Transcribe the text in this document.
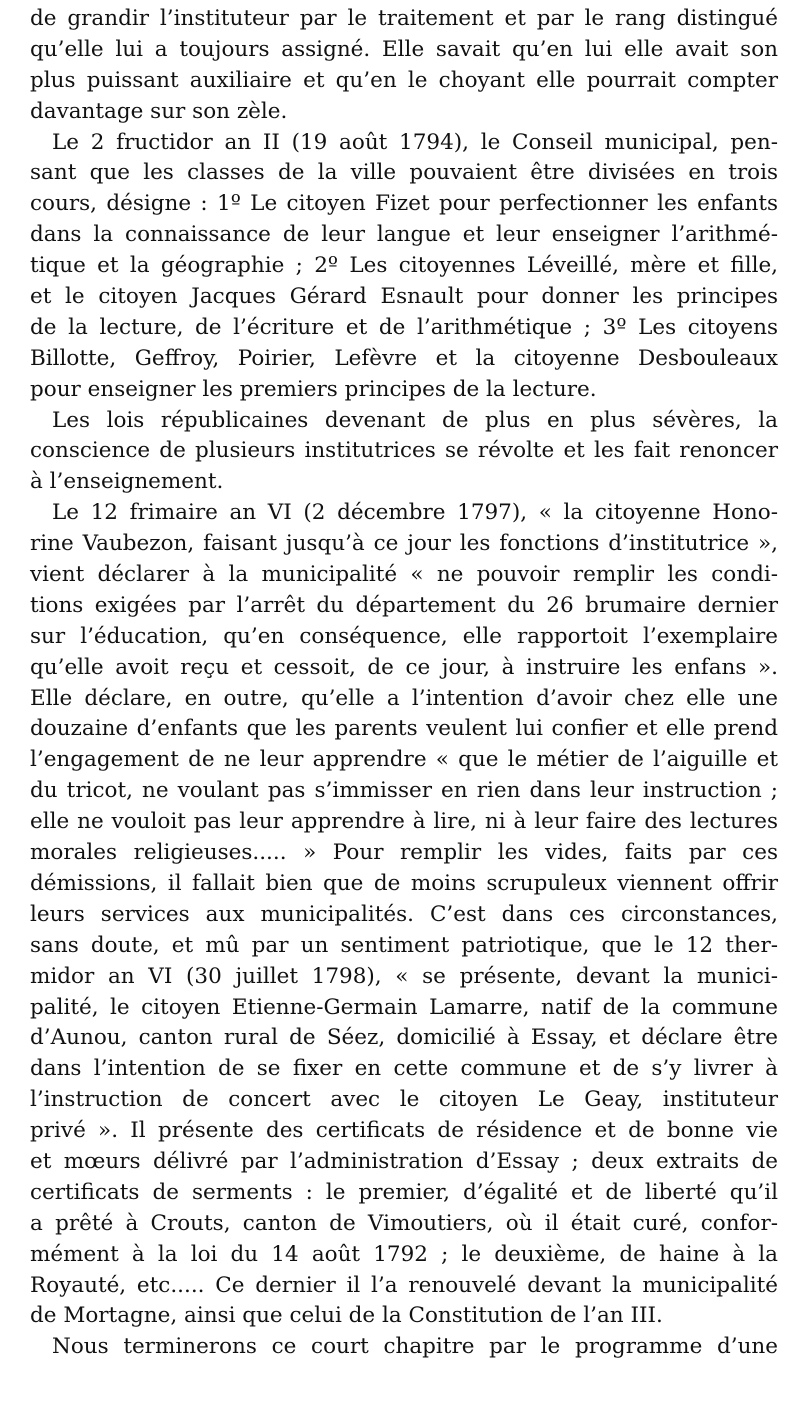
de grandir l’instituteur par le traitement et par le rang distingué
qu’elle lui a toujours assigné. Elle savait qu’en lui elle avait son
plus puissant auxiliaire et qu’en le choyant elle pourrait compter
davantage sur son zèle.
Le 2 fructidor an II (19 août 1794), le Conseil municipal, pen-
sant que les classes de la ville pouvaient être divisées en trois
cours, désigne : 1º Le citoyen Fizet pour perfectionner les enfants
dans la connaissance de leur langue et leur enseigner l’arithmé-
tique et la géographie ; 2º Les citoyennes Léveillé, mère et fille,
et le citoyen Jacques Gérard Esnault pour donner les principes
de la lecture, de l’écriture et de l’arithmétique ; 3º Les citoyens
Billotte, Geffroy, Poirier, Lefèvre et la citoyenne Desbouleaux
pour enseigner les premiers principes de la lecture.
Les lois républicaines devenant de plus en plus sévères, la
conscience de plusieurs institutrices se révolte et les fait renoncer
à l’enseignement.
Le 12 frimaire an VI (2 décembre 1797), « la citoyenne Hono-
rine Vaubezon, faisant jusqu’à ce jour les fonctions d’institutrice »,
vient déclarer à la municipalité « ne pouvoir remplir les condi-
tions exigées par l’arrêt du département du 26 brumaire dernier
sur l’éducation, qu’en conséquence, elle rapportoit l’exemplaire
qu’elle avoit reçu et cessoit, de ce jour, à instruire les enfans ».
Elle déclare, en outre, qu’elle a l’intention d’avoir chez elle une
douzaine d’enfants que les parents veulent lui confier et elle prend
l’engagement de ne leur apprendre « que le métier de l’aiguille et
du tricot, ne voulant pas s’immisser en rien dans leur instruction ;
elle ne vouloit pas leur apprendre à lire, ni à leur faire des lectures
morales religieuses..... » Pour remplir les vides, faits par ces
démissions, il fallait bien que de moins scrupuleux viennent offrir
leurs services aux municipalités. C’est dans ces circonstances,
sans doute, et mû par un sentiment patriotique, que le 12 ther-
midor an VI (30 juillet 1798), « se présente, devant la munici-
palité, le citoyen Etienne-Germain Lamarre, natif de la commune
d’Aunou, canton rural de Séez, domicilié à Essay, et déclare être
dans l’intention de se fixer en cette commune et de s’y livrer à
l’instruction de concert avec le citoyen Le Geay, instituteur
privé ». Il présente des certificats de résidence et de bonne vie
et mœurs délivré par l’administration d’Essay ; deux extraits de
certificats de serments : le premier, d’égalité et de liberté qu’il
a prêté à Crouts, canton de Vimoutiers, où il était curé, confor-
mément à la loi du 14 août 1792 ; le deuxième, de haine à la
Royauté, etc..... Ce dernier il l’a renouvelé devant la municipalité
de Mortagne, ainsi que celui de la Constitution de l’an III.
Nous terminerons ce court chapitre par le programme d’une
